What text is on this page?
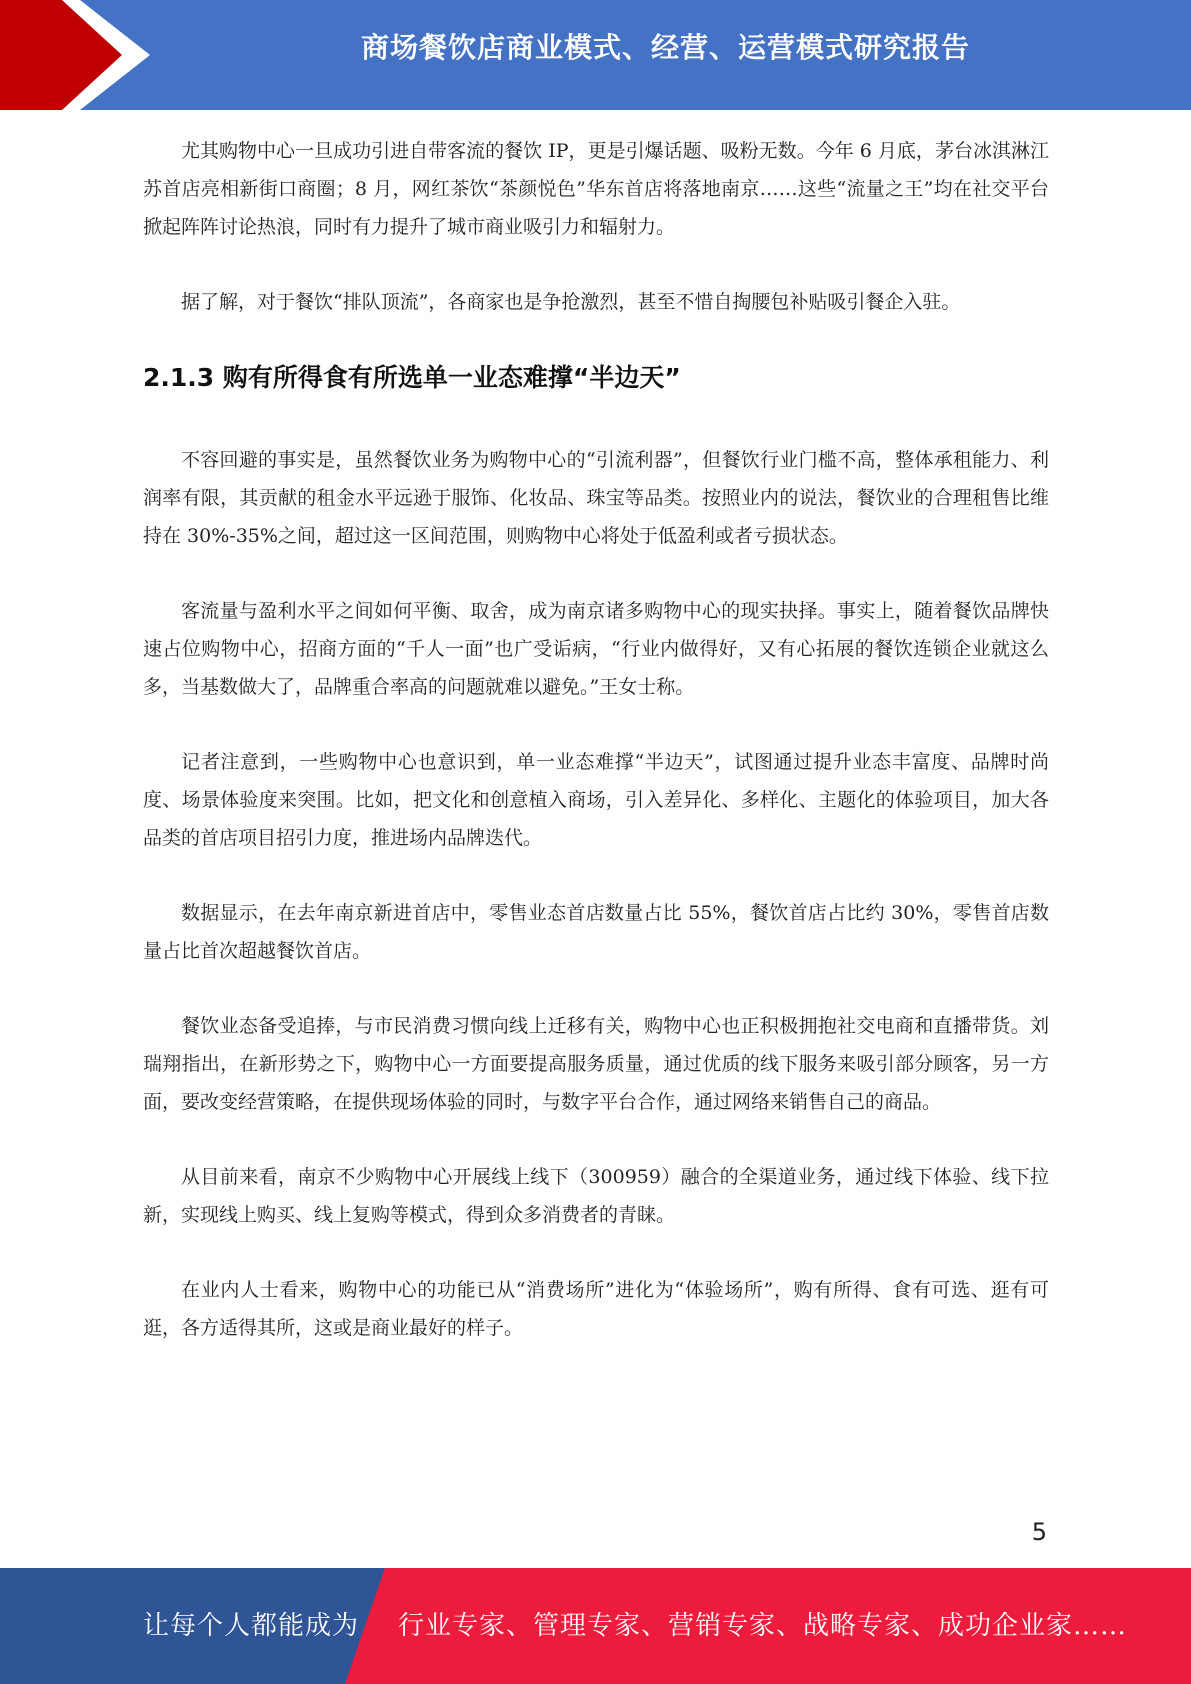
商场餐饮店商业模式、经营、运营模式研究报告

尤其购物中心一旦成功引进自带客流的餐饮 IP，更是引爆话题、吸粉无数。今年 6 月底，茅台冰淇淋江苏首店亮相新街口商圈；8 月，网红茶饮“茶颜悦色”华东首店将落地南京……这些“流量之王”均在社交平台掀起阵阵讨论热浪，同时有力提升了城市商业吸引力和辐射力。

据了解，对于餐饮“排队顶流”，各商家也是争抢激烈，甚至不惜自掏腰包补贴吸引餐企入驻。

2.1.3 购有所得食有所选单一业态难撑“半边天”

不容回避的事实是，虽然餐饮业务为购物中心的“引流利器”，但餐饮行业门槛不高，整体承租能力、利润率有限，其贡献的租金水平远逊于服饰、化妆品、珠宝等品类。按照业内的说法，餐饮业的合理租售比维持在 30%-35%之间，超过这一区间范围，则购物中心将处于低盈利或者亏损状态。

客流量与盈利水平之间如何平衡、取舍，成为南京诸多购物中心的现实抉择。事实上，随着餐饮品牌快速占位购物中心，招商方面的“千人一面”也广受诟病，“行业内做得好，又有心拓展的餐饮连锁企业就这么多，当基数做大了，品牌重合率高的问题就难以避免。”王女士称。

记者注意到，一些购物中心也意识到，单一业态难撑“半边天”，试图通过提升业态丰富度、品牌时尚度、场景体验度来突围。比如，把文化和创意植入商场，引入差异化、多样化、主题化的体验项目，加大各品类的首店项目招引力度，推进场内品牌迭代。

数据显示，在去年南京新进首店中，零售业态首店数量占比 55%，餐饮首店占比约 30%，零售首店数量占比首次超越餐饮首店。

餐饮业态备受追捧，与市民消费习惯向线上迁移有关，购物中心也正积极拥抱社交电商和直播带货。刘瑞翔指出，在新形势之下，购物中心一方面要提高服务质量，通过优质的线下服务来吸引部分顾客，另一方面，要改变经营策略，在提供现场体验的同时，与数字平台合作，通过网络来销售自己的商品。

从目前来看，南京不少购物中心开展线上线下（300959）融合的全渠道业务，通过线下体验、线下拉新，实现线上购买、线上复购等模式，得到众多消费者的青睐。

在业内人士看来，购物中心的功能已从“消费场所”进化为“体验场所”，购有所得、食有可选、逛有可逛，各方适得其所，这或是商业最好的样子。

5
让每个人都能成为 行业专家、管理专家、营销专家、战略专家、成功企业家……
